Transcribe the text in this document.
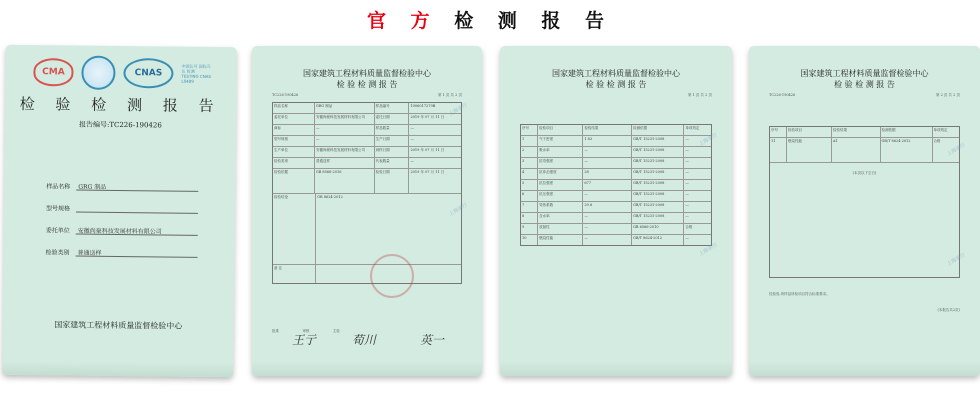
官 方 检 测 报 告
CMA	CNAS
中国认可 国际互认 检测 TESTING CNAS L0489
检 验 检 测 报 告
报告编号:TC226-190426
样品名称	GRG 制品
型号规格
委托单位	安徽尚豪科技发展材料有限公司
检验类别	普通送样
国家建筑工程材料质量监督检验中心
国家建筑工程材料质量监督检验中心
检 验 检 测 报 告
TC226-190426	第 1 页 共 2 页
样品名称	GRG 制品	样品编号	1906017279B
委托单位	安徽尚豪科技发展材料有限公司	委托日期	2019 年 07 月 11 日
商标	—	样品数量	—
型号规格	—	生产日期	—
生产单位	安徽尚豪科技发展材料有限公司	到样日期	2019 年 07 月 11 日
检验类别	普通送样	代表数量	—
检验依据	GB 8566-2016	检验日期	2019 年 07 月 11 日
检验结论	GB 8624-2012
备 注
批准	审核	主检
王亍	荀川	英一
上海承行
上海承行
国家建筑工程材料质量监督检验中心
检 验 检 测 报 告
第 1 页 共 2 页
序号	检验项目	检验结果	检测依据	单项判定
1	气干密度	1.83	GB/T 15231-2008	—
2	吸水率	—	GB/T 15231-2008	—
3	抗弯强度	—	GB/T 15231-2008	—
4	抗冲击强度	28	GB/T 15231-2008	—
5	抗拉强度	677	GB/T 15231-2008	—
6	抗压强度	—	GB/T 15231-2008	—
7	导热系数	29.8	GB/T 15231-2008	—
8	含水率	—	GB/T 15231-2008	—
9	放射性	—	GB 6566-2010	合格
10	燃烧性能	—	GB/T 8624-2012	—
上海承行
上海承行
国家建筑工程材料质量监督检验中心
检 验 检 测 报 告
TC226-190426	第 2 页 共 2 页
序号	检验项目	检验结果	检测依据	单项判定
11	燃烧性能	A1	GB/T 8624-2012	合格
(本页以下空白)
经检验,该样品所检项目符合标准要求。
(本报告共2页)
上海承行
上海承行
